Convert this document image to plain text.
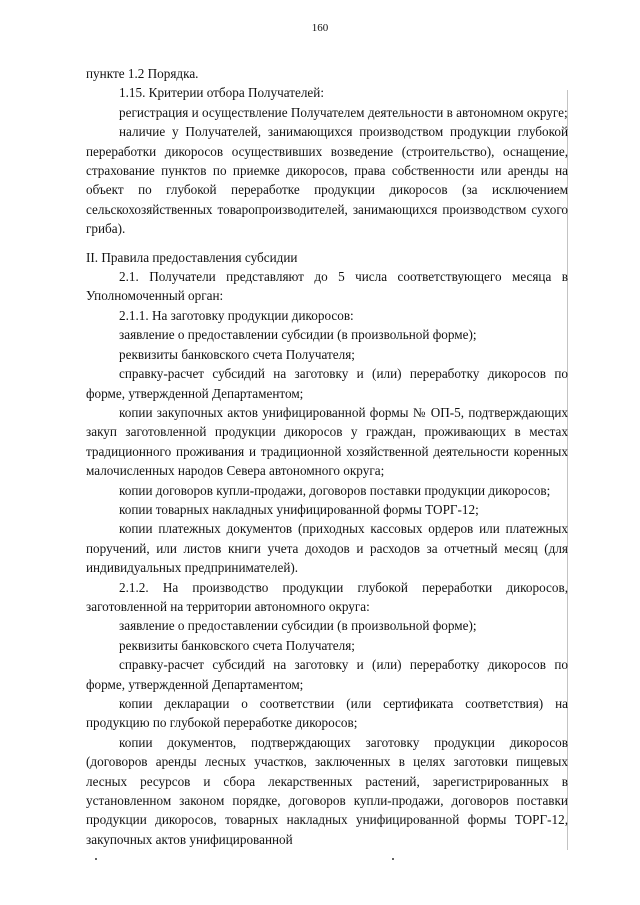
160

пункте 1.2 Порядка.

1.15. Критерии отбора Получателей:

регистрация и осуществление Получателем деятельности в автономном округе;

наличие у Получателей, занимающихся производством продукции глубокой переработки дикоросов осуществивших возведение (строительство), оснащение, страхование пунктов по приемке дикоросов, права собственности или аренды на объект по глубокой переработке продукции дикоросов (за исключением сельскохозяйственных товаропроизводителей, занимающихся производством сухого гриба).

II. Правила предоставления субсидии

2.1. Получатели представляют до 5 числа соответствующего месяца в Уполномоченный орган:

2.1.1. На заготовку продукции дикоросов:

заявление о предоставлении субсидии (в произвольной форме);

реквизиты банковского счета Получателя;

справку-расчет субсидий на заготовку и (или) переработку дикоросов по форме, утвержденной Департаментом;

копии закупочных актов унифицированной формы № ОП-5, подтверждающих закуп заготовленной продукции дикоросов у граждан, проживающих в местах традиционного проживания и традиционной хозяйственной деятельности коренных малочисленных народов Севера автономного округа;

копии договоров купли-продажи, договоров поставки продукции дикоросов;

копии товарных накладных унифицированной формы ТОРГ-12;

копии платежных документов (приходных кассовых ордеров или платежных поручений, или листов книги учета доходов и расходов за отчетный месяц (для индивидуальных предпринимателей).

2.1.2. На производство продукции глубокой переработки дикоросов, заготовленной на территории автономного округа:

заявление о предоставлении субсидии (в произвольной форме);

реквизиты банковского счета Получателя;

справку-расчет субсидий на заготовку и (или) переработку дикоросов по форме, утвержденной Департаментом;

копии декларации о соответствии (или сертификата соответствия) на продукцию по глубокой переработке дикоросов;

копии документов, подтверждающих заготовку продукции дикоросов (договоров аренды лесных участков, заключенных в целях заготовки пищевых лесных ресурсов и сбора лекарственных растений, зарегистрированных в установленном законом порядке, договоров купли-продажи, договоров поставки продукции дикоросов, товарных накладных унифицированной формы ТОРГ-12, закупочных актов унифицированной
